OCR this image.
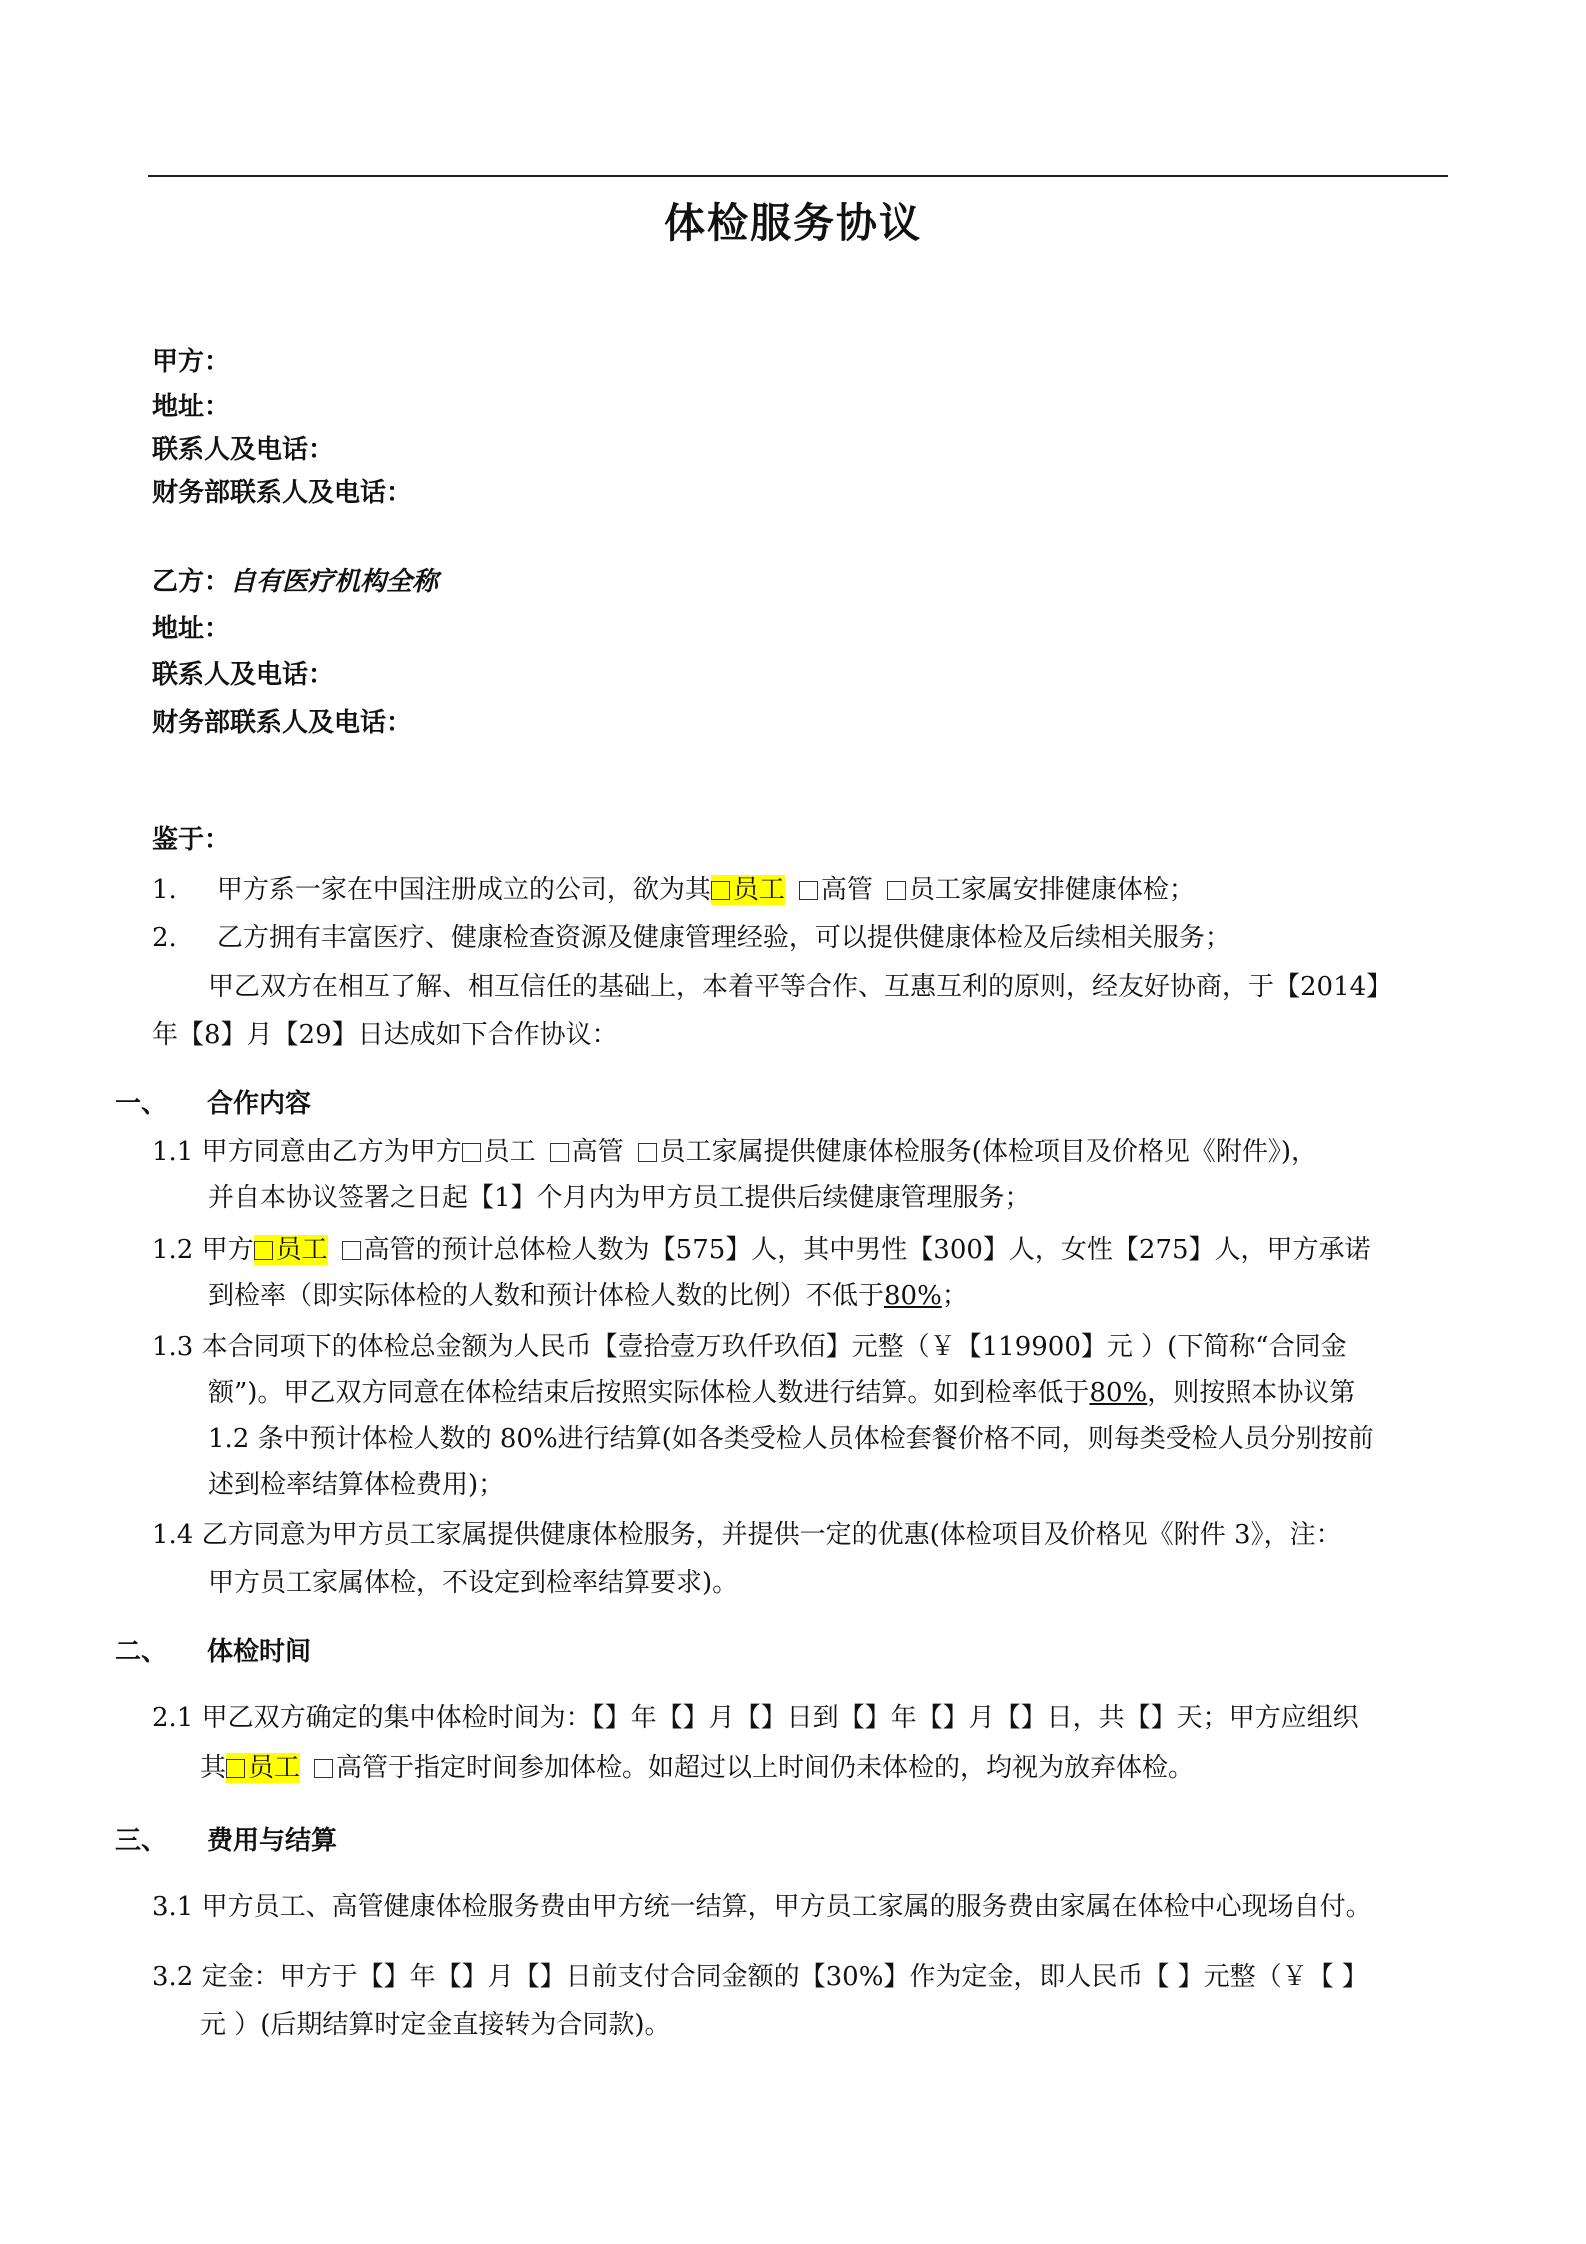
体检服务协议
甲方：
地址：
联系人及电话：
财务部联系人及电话：
乙方：自有医疗机构全称
地址：
联系人及电话：
财务部联系人及电话：
鉴于：
1. 甲方系一家在中国注册成立的公司，欲为其 员工 高管 员工家属安排健康体检；
2. 乙方拥有丰富医疗、健康检查资源及健康管理经验，可以提供健康体检及后续相关服务；
甲乙双方在相互了解、相互信任的基础上，本着平等合作、互惠互利的原则，经友好协商，于【2014】
年【8】月【29】日达成如下合作协议：
一、 合作内容
1.1 甲方同意由乙方为甲方 员工 高管 员工家属提供健康体检服务(体检项目及价格见《附件》)，
并自本协议签署之日起【1】个月内为甲方员工提供后续健康管理服务；
1.2 甲方 员工 高管的预计总体检人数为【575】人，其中男性【300】人，女性【275】人，甲方承诺
到检率（即实际体检的人数和预计体检人数的比例）不低于80%；
1.3 本合同项下的体检总金额为人民币【壹拾壹万玖仟玖佰】元整（￥【119900】元 ）(下简称“合同金
额”)。甲乙双方同意在体检结束后按照实际体检人数进行结算。如到检率低于80%，则按照本协议第
1.2 条中预计体检人数的 80%进行结算(如各类受检人员体检套餐价格不同，则每类受检人员分别按前
述到检率结算体检费用)；
1.4 乙方同意为甲方员工家属提供健康体检服务，并提供一定的优惠(体检项目及价格见《附件 3》，注：
甲方员工家属体检，不设定到检率结算要求)。
二、 体检时间
2.1 甲乙双方确定的集中体检时间为：【】年【】月【】日到【】年【】月【】日，共【】天；甲方应组织
其 员工 高管于指定时间参加体检。如超过以上时间仍未体检的，均视为放弃体检。
三、 费用与结算
3.1 甲方员工、高管健康体检服务费由甲方统一结算，甲方员工家属的服务费由家属在体检中心现场自付。
3.2 定金：甲方于【】年【】月【】日前支付合同金额的【30%】作为定金，即人民币【 】元整（￥【 】
元 ）(后期结算时定金直接转为合同款)。
